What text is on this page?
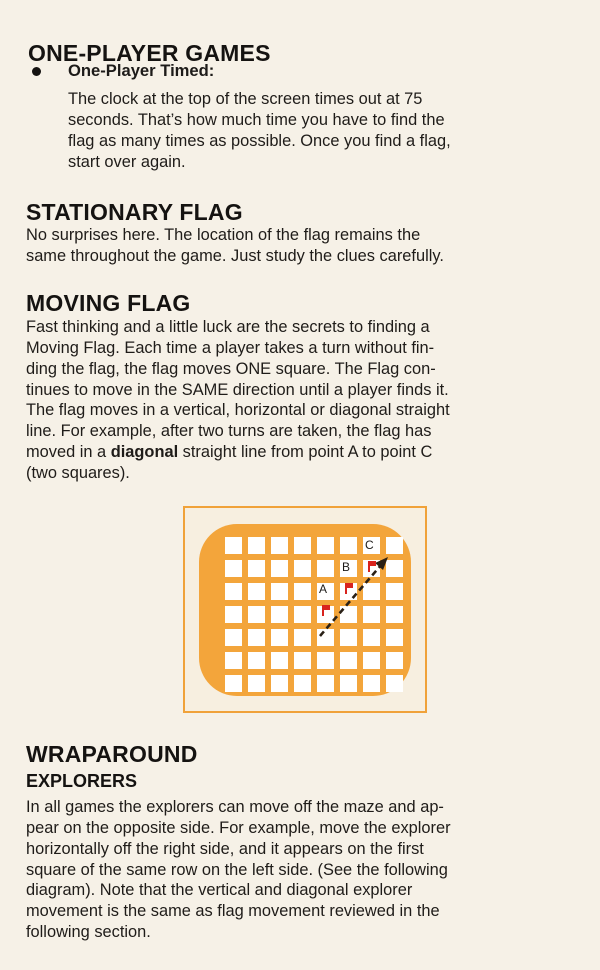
ONE-PLAYER GAMES
One-Player Timed:

The clock at the top of the screen times out at 75

seconds. That’s how much time you have to find the

flag as many times as possible. Once you find a flag,

start over again.

STATIONARY FLAG

No surprises here. The location of the flag remains the

same throughout the game. Just study the clues carefully.

MOVING FLAG

Fast thinking and a little luck are the secrets to finding a

Moving Flag. Each time a player takes a turn without fin-

ding the flag, the flag moves ONE square. The Flag con-

tinues to move in the SAME direction until a player finds it.

The flag moves in a vertical, horizontal or diagonal straight

line. For example, after two turns are taken, the flag has

moved in a diagonal straight line from point A to point C

(two squares).

A
B
C
WRAPAROUND
EXPLORERS

In all games the explorers can move off the maze and ap-

pear on the opposite side. For example, move the explorer

horizontally off the right side, and it appears on the first

square of the same row on the left side. (See the following

diagram). Note that the vertical and diagonal explorer

movement is the same as flag movement reviewed in the

following section.
